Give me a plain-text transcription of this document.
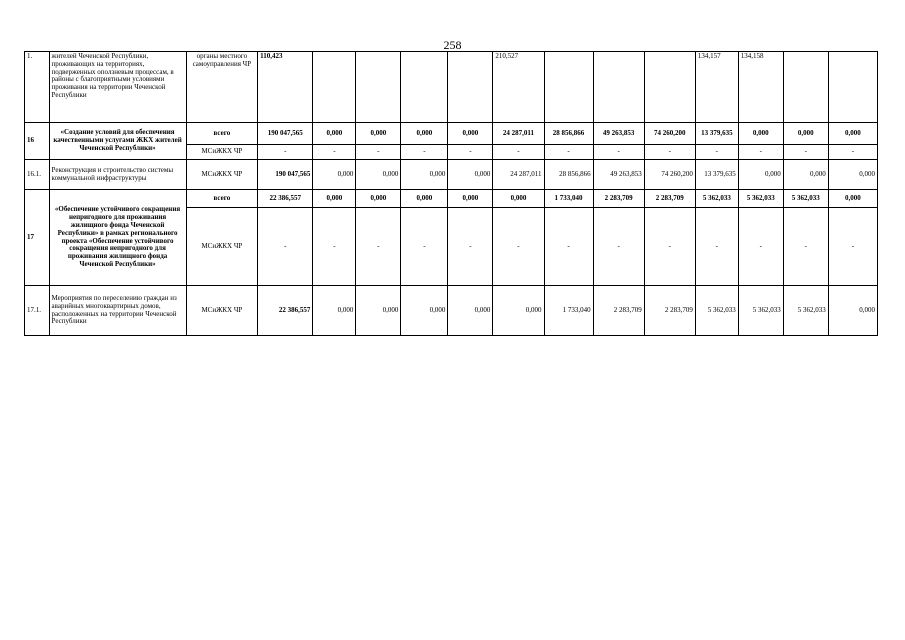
258
1.	жителей Чеченской Республики, проживающих на территориях, подверженных оползневым процессам, в районы с благоприятными условиями проживания на территории Чеченской Республики	органы местного самоуправления ЧР	110,423					210,527				134,157	134,158		
16	«Создание условий для обеспечения качественными услугами ЖКХ жителей Чеченской Республики»	всего	190 047,565	0,000	0,000	0,000	0,000	24 287,011	28 856,866	49 263,853	74 260,200	13 379,635	0,000	0,000	0,000
		МСиЖКХ ЧР	-	-	-	-	-	-	-	-	-	-	-	-	-
16.1.	Реконструкция и строительство системы коммунальной инфраструктуры	МСиЖКХ ЧР	190 047,565	0,000	0,000	0,000	0,000	24 287,011	28 856,866	49 263,853	74 260,200	13 379,635	0,000	0,000	0,000
17	«Обеспечение устойчивого сокращения непригодного для проживания жилищного фонда Чеченской Республики» в рамках регионального проекта «Обеспечение устойчивого сокращения непригодного для проживания жилищного фонда Чеченской Республики»	всего	22 386,557	0,000	0,000	0,000	0,000	0,000	1 733,040	2 283,709	2 283,709	5 362,033	5 362,033	5 362,033	0,000
		МСиЖКХ ЧР	-	-	-	-	-	-	-	-	-	-	-	-	-
17.1.	Мероприятия по переселению граждан из аварийных многоквартирных домов, расположенных на территории Чеченской Республики	МСиЖКХ ЧР	22 386,557	0,000	0,000	0,000	0,000	0,000	1 733,040	2 283,709	2 283,709	5 362,033	5 362,033	5 362,033	0,000
